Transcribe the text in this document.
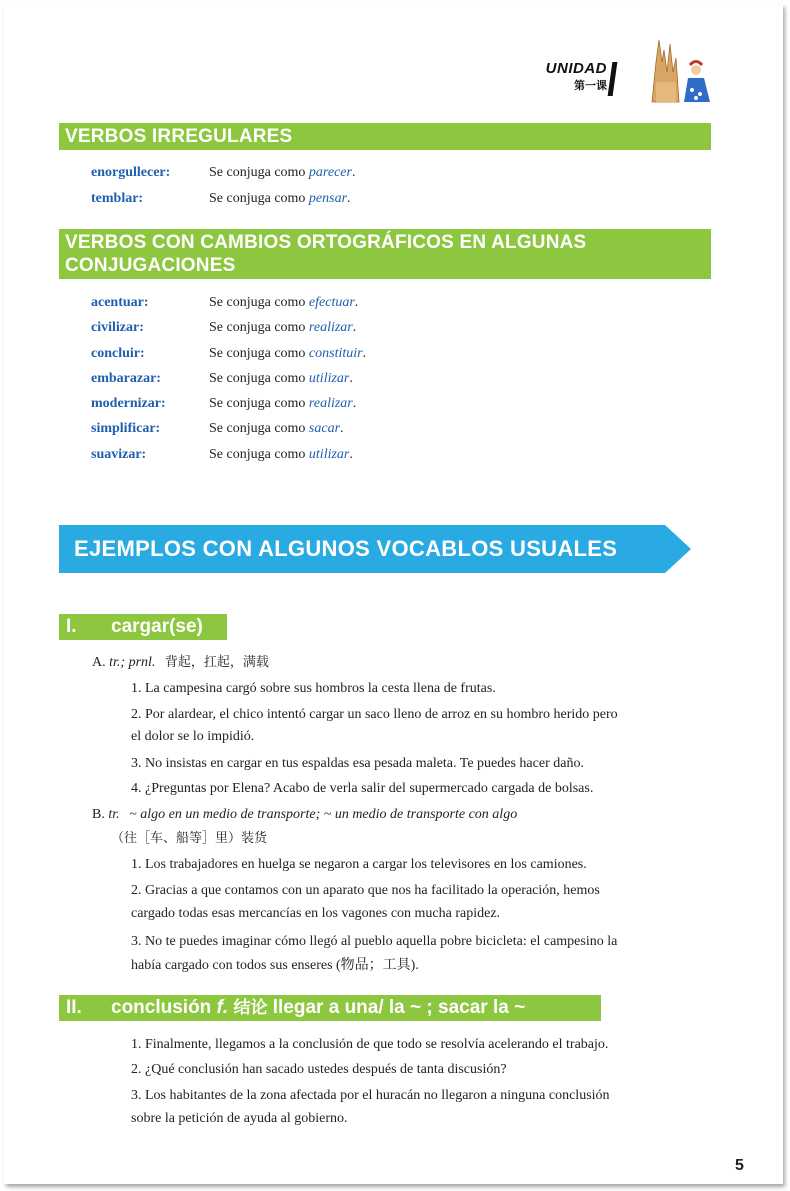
UNIDAD
第一课
VERBOS IRREGULARES
enorgullecer:	Se conjuga como parecer.
temblar:	Se conjuga como pensar.
VERBOS CON CAMBIOS ORTOGRÁFICOS EN ALGUNAS
CONJUGACIONES
acentuar:	Se conjuga como efectuar.
civilizar:	Se conjuga como realizar.
concluir:	Se conjuga como constituir.
embarazar:	Se conjuga como utilizar.
modernizar:	Se conjuga como realizar.
simplificar:	Se conjuga como sacar.
suavizar:	Se conjuga como utilizar.
EJEMPLOS CON ALGUNOS VOCABLOS USUALES
I. cargar(se)
A. tr.; prnl. 背起，扛起，满载
1. La campesina cargó sobre sus hombros la cesta llena de frutas.
2. Por alardear, el chico intentó cargar un saco lleno de arroz en su hombro herido pero
el dolor se lo impidió.
3. No insistas en cargar en tus espaldas esa pesada maleta. Te puedes hacer daño.
4. ¿Preguntas por Elena? Acabo de verla salir del supermercado cargada de bolsas.
B. tr. ~ algo en un medio de transporte; ~ un medio de transporte con algo
（往［车、船等］里）装货
1. Los trabajadores en huelga se negaron a cargar los televisores en los camiones.
2. Gracias a que contamos con un aparato que nos ha facilitado la operación, hemos
cargado todas esas mercancías en los vagones con mucha rapidez.
3. No te puedes imaginar cómo llegó al pueblo aquella pobre bicicleta: el campesino la
había cargado con todos sus enseres (物品；工具).
II. conclusión f. 结论 llegar a una/ la ~ ; sacar la ~
1. Finalmente, llegamos a la conclusión de que todo se resolvía acelerando el trabajo.
2. ¿Qué conclusión han sacado ustedes después de tanta discusión?
3. Los habitantes de la zona afectada por el huracán no llegaron a ninguna conclusión
sobre la petición de ayuda al gobierno.
5
